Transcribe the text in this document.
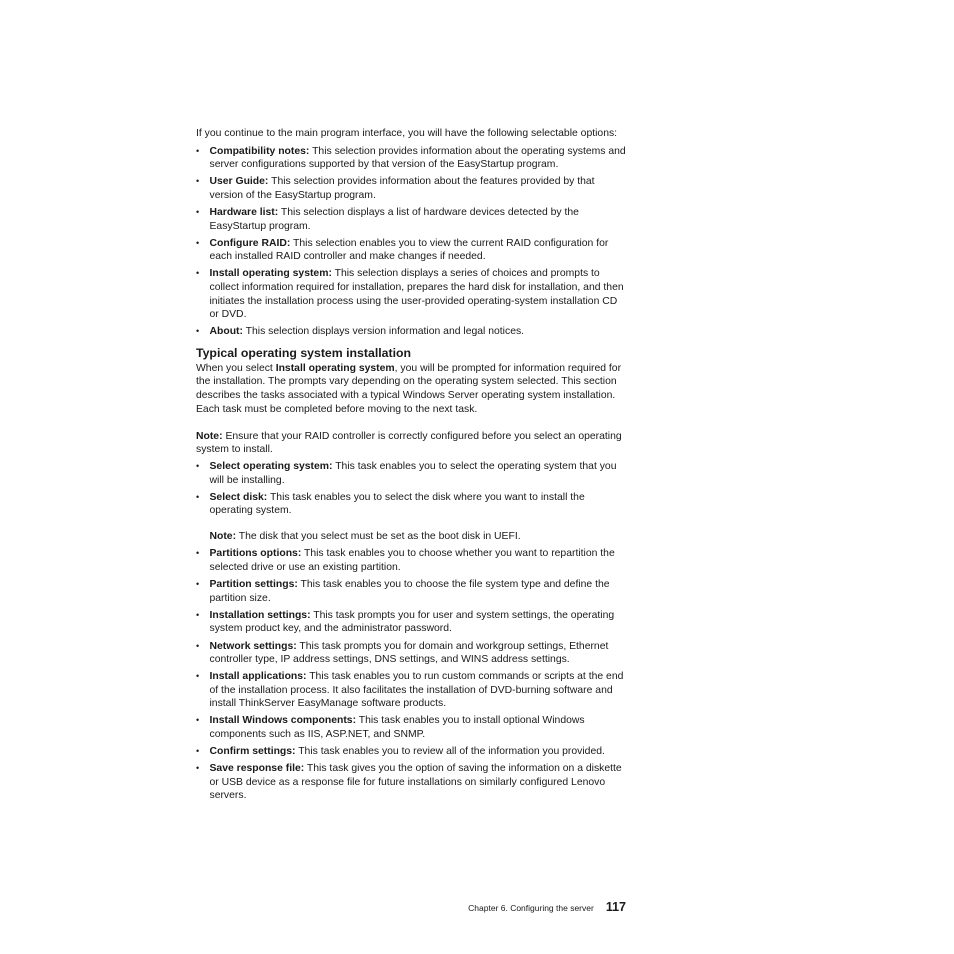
If you continue to the main program interface, you will have the following selectable options:

• Compatibility notes: This selection provides information about the operating systems and server configurations supported by that version of the EasyStartup program.
• User Guide: This selection provides information about the features provided by that version of the EasyStartup program.
• Hardware list: This selection displays a list of hardware devices detected by the EasyStartup program.
• Configure RAID: This selection enables you to view the current RAID configuration for each installed RAID controller and make changes if needed.
• Install operating system: This selection displays a series of choices and prompts to collect information required for installation, prepares the hard disk for installation, and then initiates the installation process using the user-provided operating-system installation CD or DVD.
• About: This selection displays version information and legal notices.
Typical operating system installation

When you select Install operating system, you will be prompted for information required for the installation. The prompts vary depending on the operating system selected. This section describes the tasks associated with a typical Windows Server operating system installation. Each task must be completed before moving to the next task.

Note: Ensure that your RAID controller is correctly configured before you select an operating system to install.

• Select operating system: This task enables you to select the operating system that you will be installing.
• Select disk: This task enables you to select the disk where you want to install the operating system.

Note: The disk that you select must be set as the boot disk in UEFI.

• Partitions options: This task enables you to choose whether you want to repartition the selected drive or use an existing partition.
• Partition settings: This task enables you to choose the file system type and define the partition size.
• Installation settings: This task prompts you for user and system settings, the operating system product key, and the administrator password.
• Network settings: This task prompts you for domain and workgroup settings, Ethernet controller type, IP address settings, DNS settings, and WINS address settings.
• Install applications: This task enables you to run custom commands or scripts at the end of the installation process. It also facilitates the installation of DVD-burning software and install ThinkServer EasyManage software products.
• Install Windows components: This task enables you to install optional Windows components such as IIS, ASP.NET, and SNMP.
• Confirm settings: This task enables you to review all of the information you provided.
• Save response file: This task gives you the option of saving the information on a diskette or USB device as a response file for future installations on similarly configured Lenovo servers.
Chapter 6. Configuring the server 117
